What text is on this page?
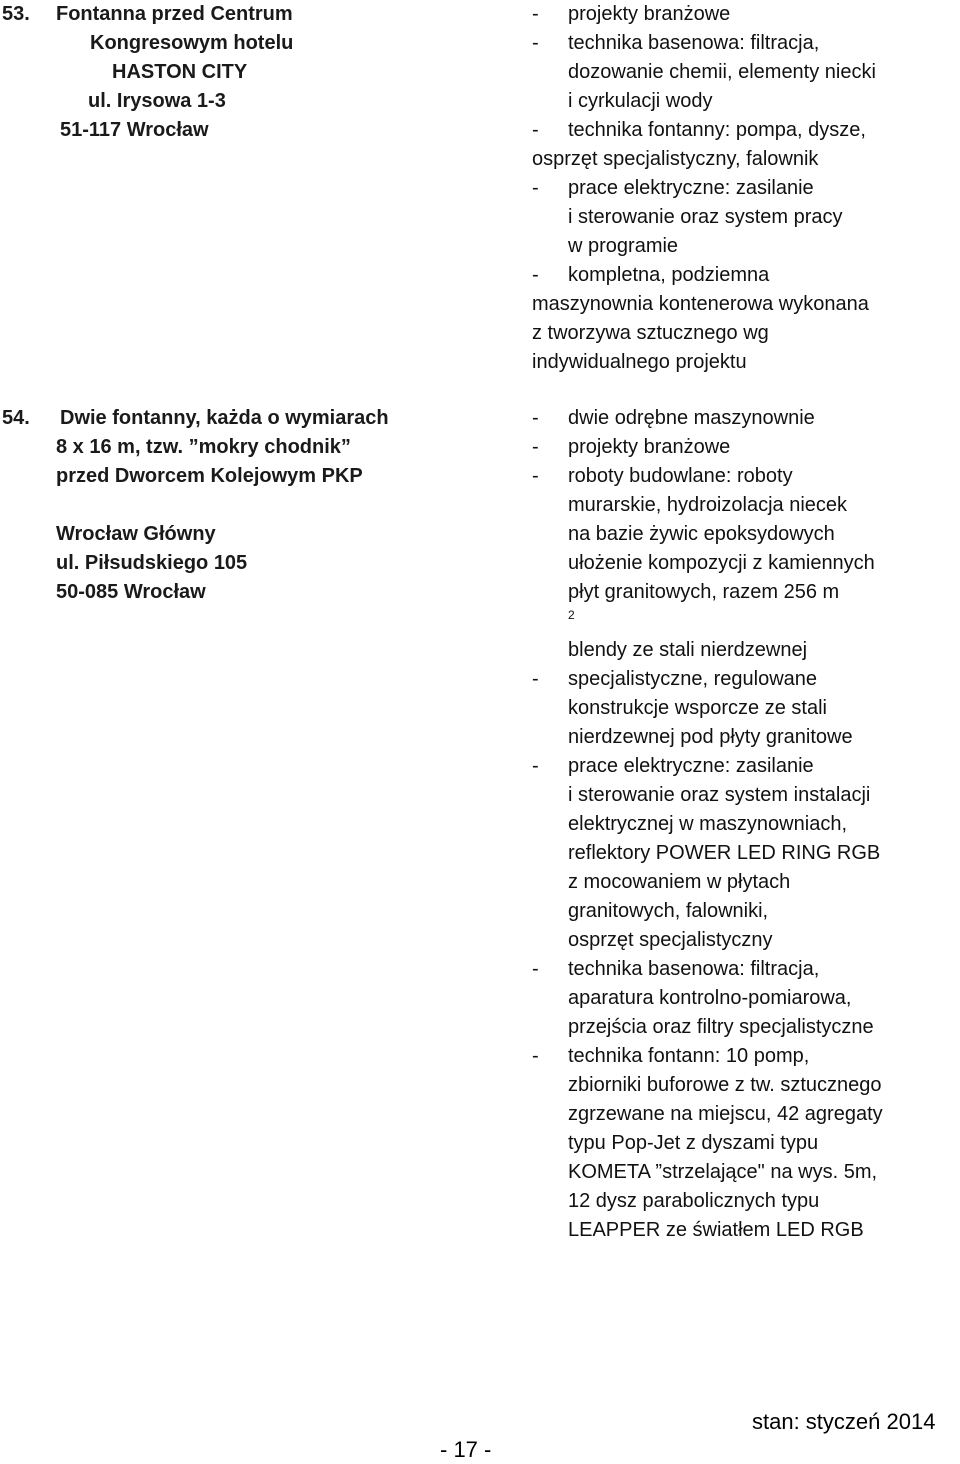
53. Fontanna przed Centrum
Kongresowym hotelu
HASTON CITY
ul. Irysowa 1-3
51-117 Wrocław
- projekty branżowe
- technika basenowa: filtracja,
dozowanie chemii, elementy niecki
i cyrkulacji wody
- technika fontanny: pompa, dysze,
osprzęt specjalistyczny, falownik
- prace elektryczne: zasilanie
i sterowanie oraz system pracy
w programie
- kompletna, podziemna
maszynownia kontenerowa wykonana
z tworzywa sztucznego wg
indywidualnego projektu
54. Dwie fontanny, każda o wymiarach
8 x 16 m, tzw. ”mokry chodnik”
przed Dworcem Kolejowym PKP
Wrocław Główny
ul. Piłsudskiego 105
50-085 Wrocław
- dwie odrębne maszynownie
- projekty branżowe
- roboty budowlane: roboty
murarskie, hydroizolacja niecek
na bazie żywic epoksydowych
ułożenie kompozycji z kamiennych
płyt granitowych, razem 256 m
$^2$
blendy ze stali nierdzewnej
- specjalistyczne, regulowane
konstrukcje wsporcze ze stali
nierdzewnej pod płyty granitowe
- prace elektryczne: zasilanie
i sterowanie oraz system instalacji
elektrycznej w maszynowniach,
reflektory POWER LED RING RGB
z mocowaniem w płytach
granitowych, falowniki,
osprzęt specjalistyczny
- technika basenowa: filtracja,
aparatura kontrolno-pomiarowa,
przejścia oraz filtry specjalistyczne
- technika fontann: 10 pomp,
zbiorniki buforowe z tw. sztucznego
zgrzewane na miejscu, 42 agregaty
typu Pop-Jet z dyszami typu
KOMETA ”strzelające" na wys. 5m,
12 dysz parabolicznych typu
LEAPPER ze światłem LED RGB
stan: styczeń 2014
- 17 -
